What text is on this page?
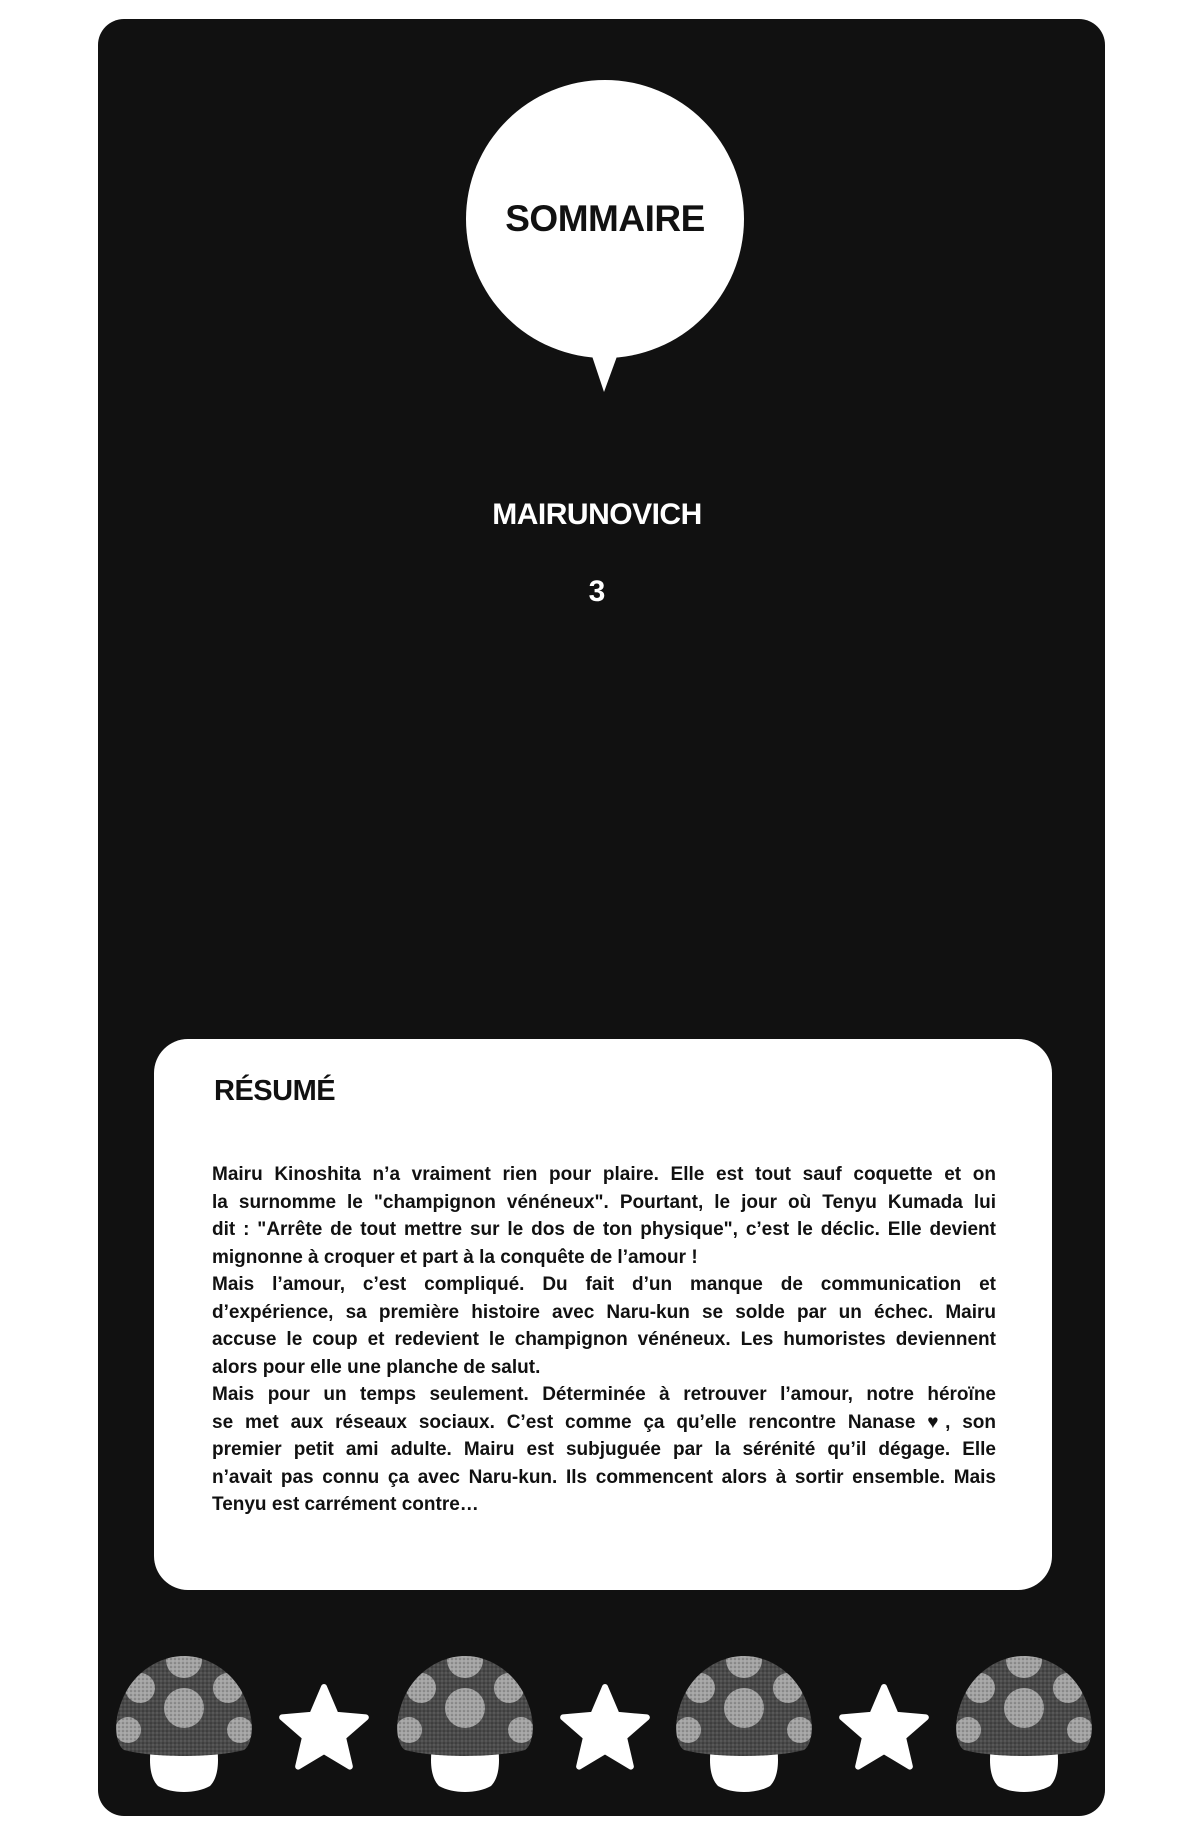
SOMMAIRE
MAIRUNOVICH
3
RÉSUMÉ
Mairu Kinoshita n’a vraiment rien pour plaire. Elle est tout sauf coquette et on
la surnomme le "champignon vénéneux". Pourtant, le jour où Tenyu Kumada lui
dit : "Arrête de tout mettre sur le dos de ton physique", c’est le déclic. Elle devient
mignonne à croquer et part à la conquête de l’amour !
Mais l’amour, c’est compliqué. Du fait d’un manque de communication et
d’expérience, sa première histoire avec Naru-kun se solde par un échec. Mairu
accuse le coup et redevient le champignon vénéneux. Les humoristes deviennent
alors pour elle une planche de salut.
Mais pour un temps seulement. Déterminée à retrouver l’amour, notre héroïne
se met aux réseaux sociaux. C’est comme ça qu’elle rencontre Nanase ♥, son
premier petit ami adulte. Mairu est subjuguée par la sérénité qu’il dégage. Elle
n’avait pas connu ça avec Naru-kun. Ils commencent alors à sortir ensemble. Mais
Tenyu est carrément contre…
